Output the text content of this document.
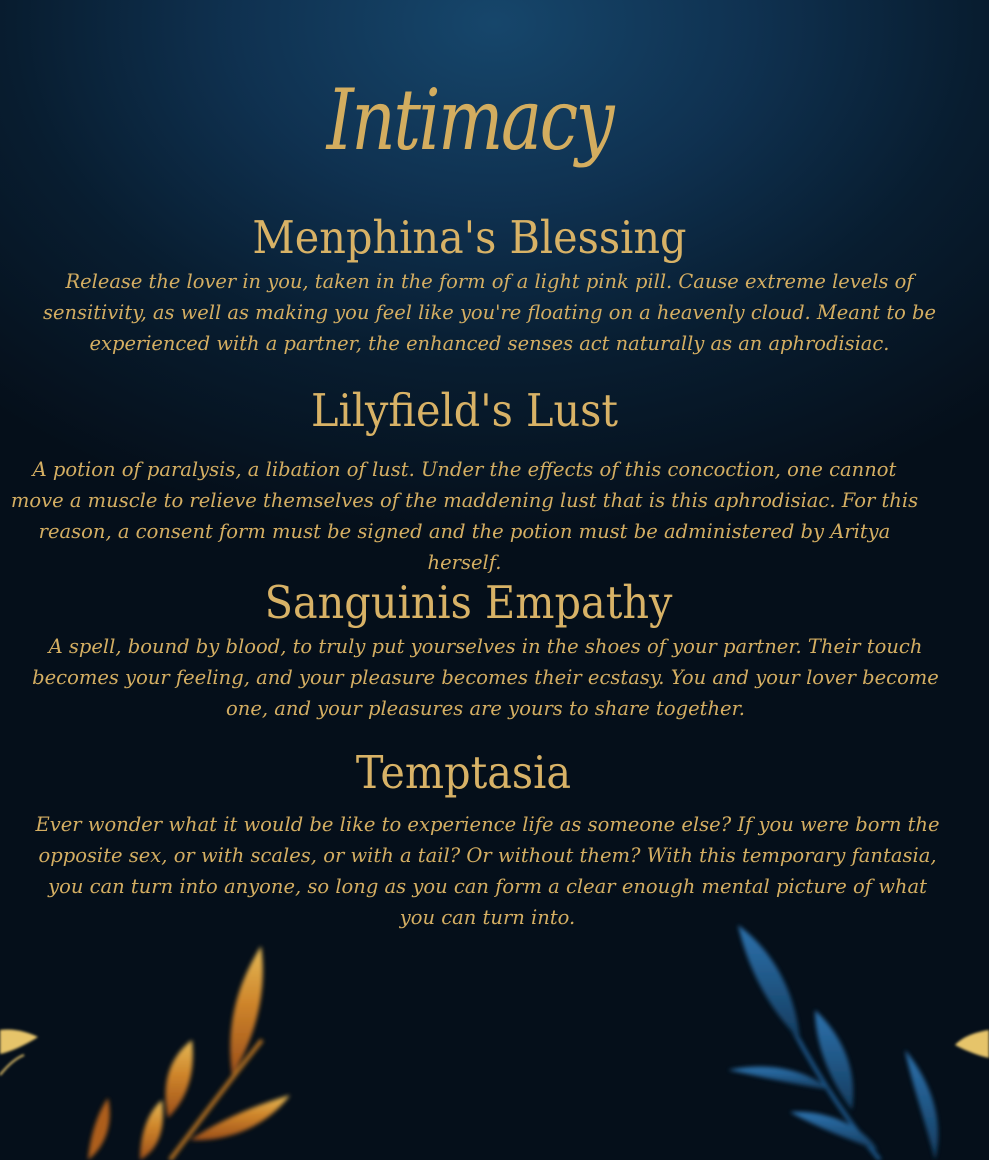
Intimacy
Menphina's Blessing
Release the lover in you, taken in the form of a light pink pill. Cause extreme levels of
sensitivity, as well as making you feel like you're floating on a heavenly cloud. Meant to be
experienced with a partner, the enhanced senses act naturally as an aphrodisiac.
Lilyfield's Lust
A potion of paralysis, a libation of lust. Under the effects of this concoction, one cannot
move a muscle to relieve themselves of the maddening lust that is this aphrodisiac. For this
reason, a consent form must be signed and the potion must be administered by Aritya
herself.
Sanguinis Empathy
A spell, bound by blood, to truly put yourselves in the shoes of your partner. Their touch
becomes your feeling, and your pleasure becomes their ecstasy. You and your lover become
one, and your pleasures are yours to share together.
Temptasia
Ever wonder what it would be like to experience life as someone else? If you were born the
opposite sex, or with scales, or with a tail? Or without them? With this temporary fantasia,
you can turn into anyone, so long as you can form a clear enough mental picture of what
you can turn into.
